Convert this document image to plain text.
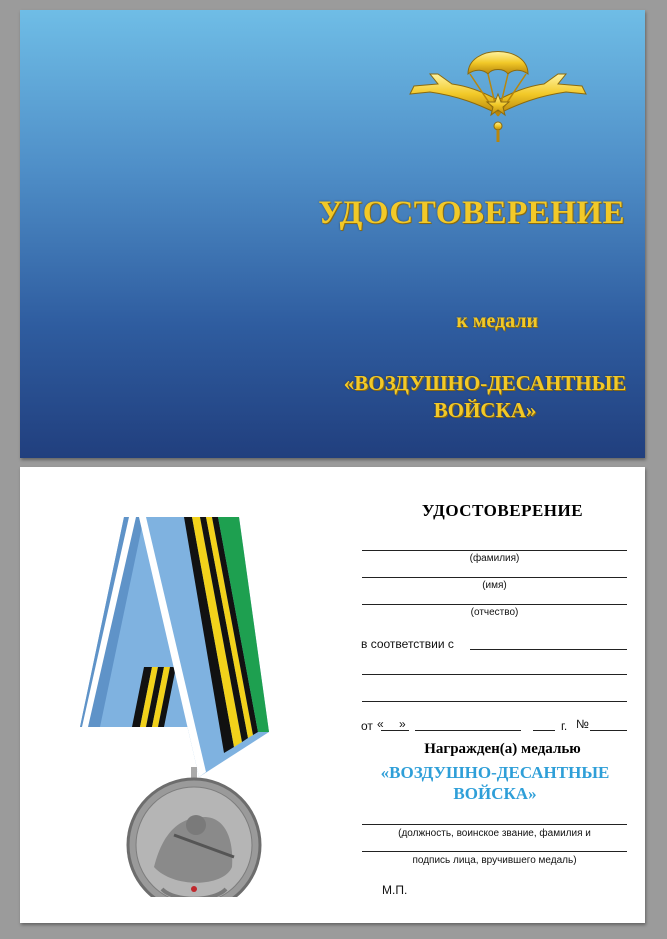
УДОСТОВЕРЕНИЕ
к медали
«ВОЗДУШНО-ДЕСАНТНЫЕ ВОЙСКА»
УДОСТОВЕРЕНИЕ
(фамилия)
(имя)
(отчество)
в соответствии с
от « »	г. №
Награжден(а) медалью
«ВОЗДУШНО-ДЕСАНТНЫЕ ВОЙСКА»
(должность, воинское звание, фамилия и
подпись лица, вручившего медаль)
М.П.
